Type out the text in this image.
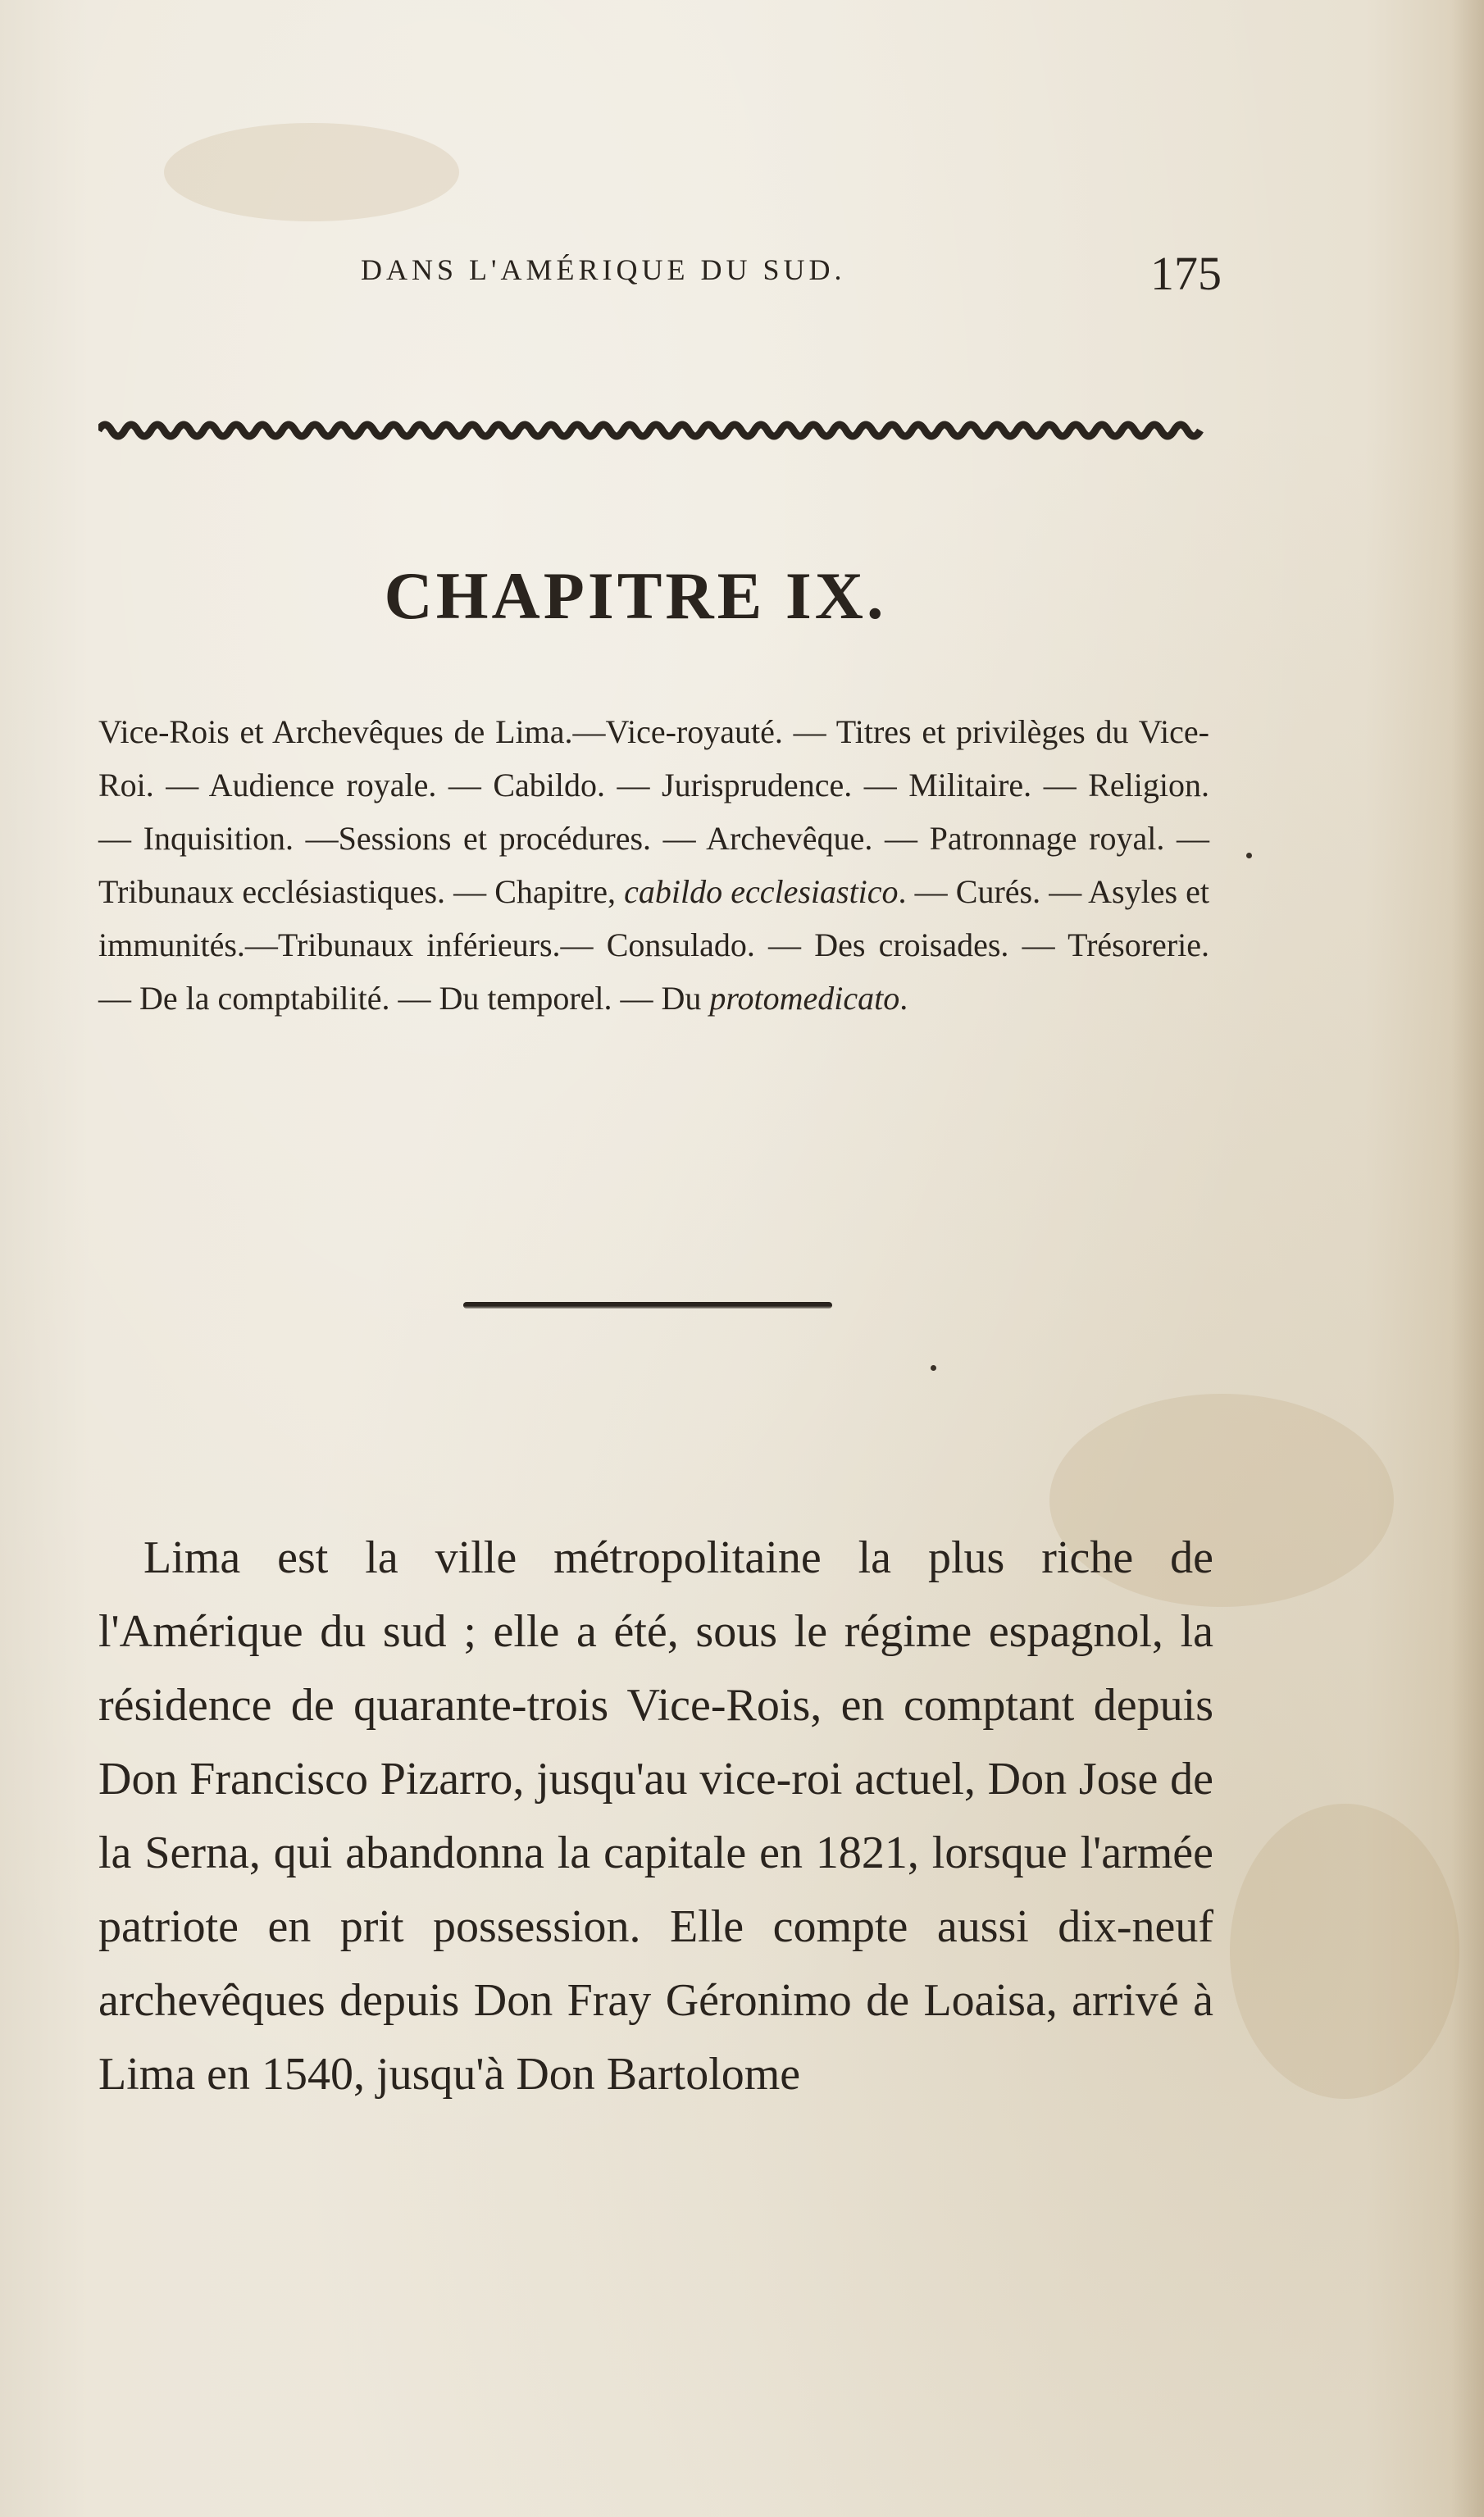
DANS L'AMÉRIQUE DU SUD.	175
CHAPITRE IX.
Vice-Rois et Archevêques de Lima.—Vice-royauté. — Titres et privilèges du Vice-Roi. — Audience royale. — Cabildo. — Jurisprudence. — Militaire. — Religion. — Inquisition. —Sessions et procédures. — Archevêque. — Patronnage royal. — Tribunaux ecclésiastiques. — Chapitre, cabildo ecclesiastico. — Curés. — Asyles et immunités.—Tribunaux inférieurs.— Consulado. — Des croisades. — Trésorerie. — De la comptabilité. — Du temporel. — Du protomedicato.
Lima est la ville métropolitaine la plus riche de l'Amérique du sud ; elle a été, sous le régime espagnol, la résidence de quarante-trois Vice-Rois, en comptant depuis Don Francisco Pizarro, jusqu'au vice-roi actuel, Don Jose de la Serna, qui abandonna la capitale en 1821, lorsque l'armée patriote en prit possession. Elle compte aussi dix-neuf archevêques depuis Don Fray Géronimo de Loaisa, arrivé à Lima en 1540, jusqu'à Don Bartolome
